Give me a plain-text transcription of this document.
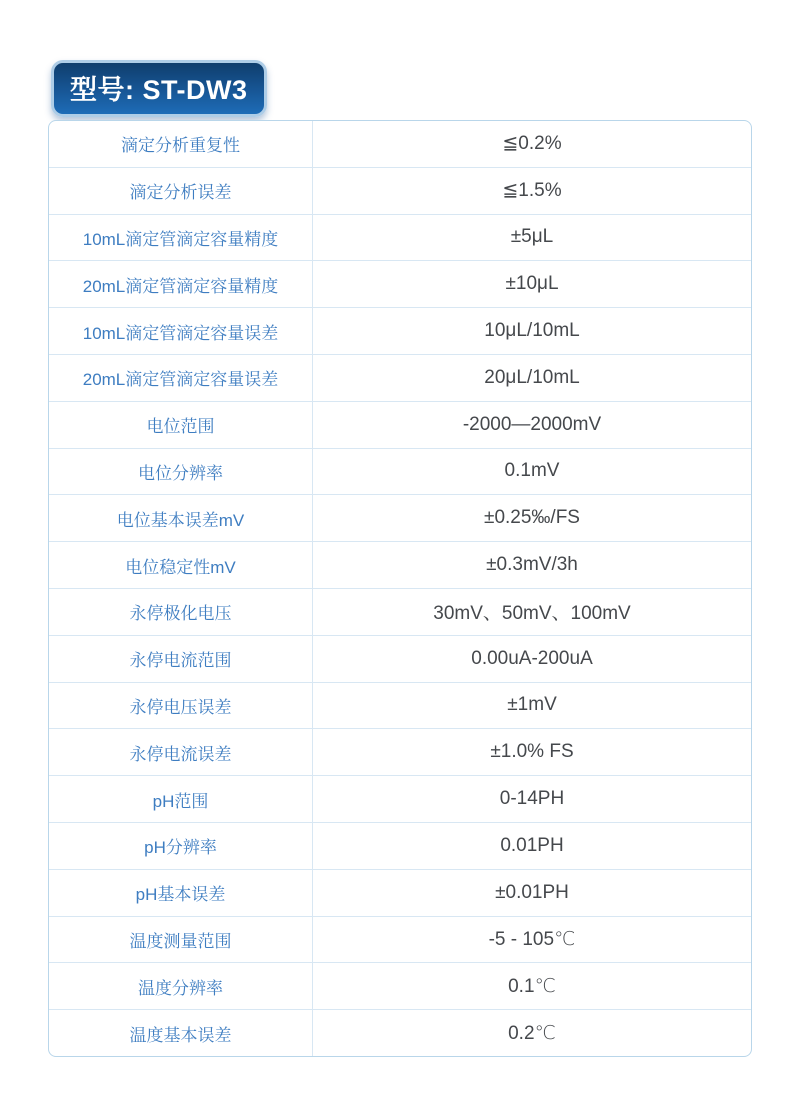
型号: ST-DW3
滴定分析重复性	≦0.2%
滴定分析误差	≦1.5%
10mL滴定管滴定容量精度	±5μL
20mL滴定管滴定容量精度	±10μL
10mL滴定管滴定容量误差	10μL/10mL
20mL滴定管滴定容量误差	20μL/10mL
电位范围	-2000—2000mV
电位分辨率	0.1mV
电位基本误差mV	±0.25‰/FS
电位稳定性mV	±0.3mV/3h
永停极化电压	30mV、50mV、100mV
永停电流范围	0.00uA-200uA
永停电压误差	±1mV
永停电流误差	±1.0% FS
pH范围	0-14PH
pH分辨率	0.01PH
pH基本误差	±0.01PH
温度测量范围	-5 - 105℃
温度分辨率	0.1℃
温度基本误差	0.2℃
